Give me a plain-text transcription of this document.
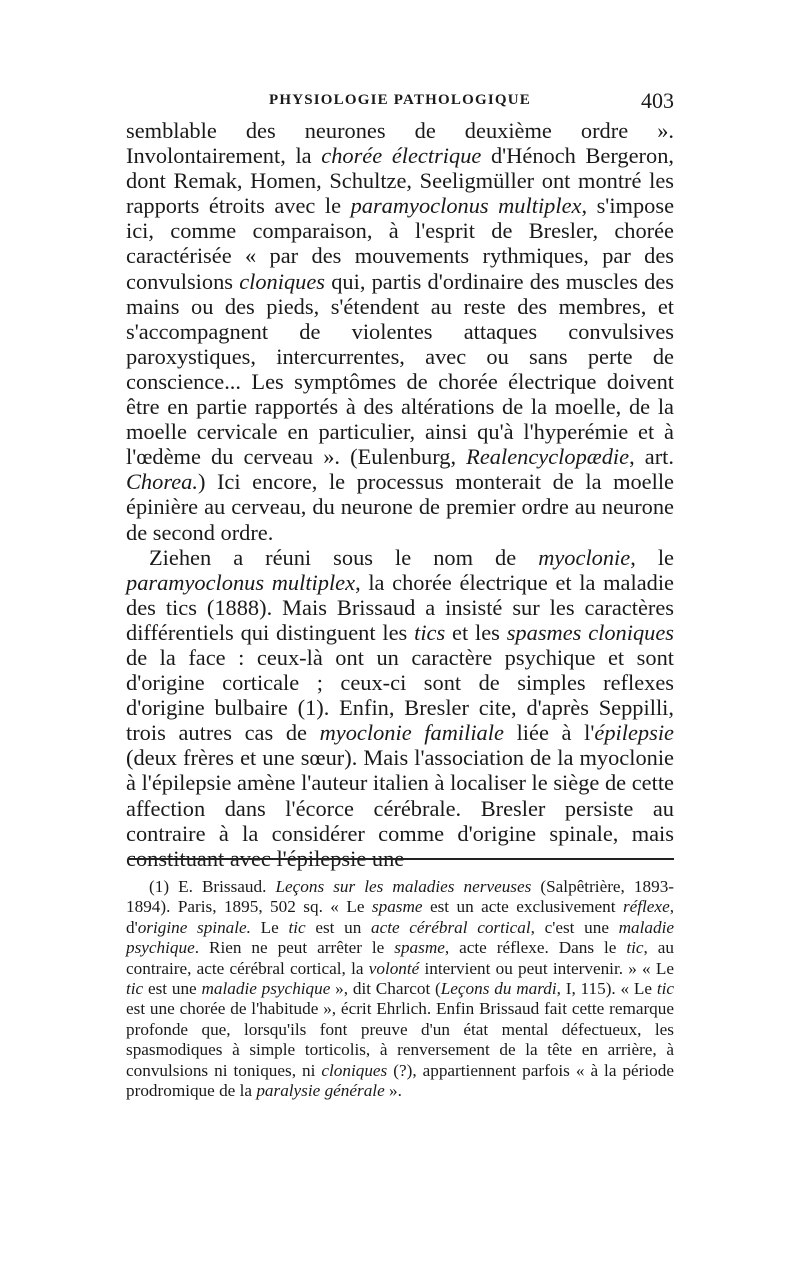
PHYSIOLOGIE PATHOLOGIQUE	403

semblable des neurones de deuxième ordre ». Involontairement, la chorée électrique d'Hénoch Bergeron, dont Remak, Homen, Schultze, Seeligmüller ont montré les rapports étroits avec le paramyoclonus multiplex, s'impose ici, comme comparaison, à l'esprit de Bresler, chorée caractérisée « par des mouvements rythmiques, par des convulsions cloniques qui, partis d'ordinaire des muscles des mains ou des pieds, s'étendent au reste des membres, et s'accompagnent de violentes attaques convulsives paroxystiques, intercurrentes, avec ou sans perte de conscience... Les symptômes de chorée électrique doivent être en partie rapportés à des altérations de la moelle, de la moelle cervicale en particulier, ainsi qu'à l'hyperémie et à l'œdème du cerveau ». (Eulenburg, Realencyclopædie, art. Chorea.) Ici encore, le processus monterait de la moelle épinière au cerveau, du neurone de premier ordre au neurone de second ordre.

Ziehen a réuni sous le nom de myoclonie, le paramyoclonus multiplex, la chorée électrique et la maladie des tics (1888). Mais Brissaud a insisté sur les caractères différentiels qui distinguent les tics et les spasmes cloniques de la face : ceux-là ont un caractère psychique et sont d'origine corticale ; ceux-ci sont de simples reflexes d'origine bulbaire (1). Enfin, Bresler cite, d'après Seppilli, trois autres cas de myoclonie familiale liée à l'épilepsie (deux frères et une sœur). Mais l'association de la myoclonie à l'épilepsie amène l'auteur italien à localiser le siège de cette affection dans l'écorce cérébrale. Bresler persiste au contraire à la considérer comme d'origine spinale, mais constituant avec l'épilepsie une

(1) E. Brissaud. Leçons sur les maladies nerveuses (Salpêtrière, 1893-1894). Paris, 1895, 502 sq. « Le spasme est un acte exclusivement réflexe, d'origine spinale. Le tic est un acte cérébral cortical, c'est une maladie psychique. Rien ne peut arrêter le spasme, acte réflexe. Dans le tic, au contraire, acte cérébral cortical, la volonté intervient ou peut intervenir. » « Le tic est une maladie psychique », dit Charcot (Leçons du mardi, I, 115). « Le tic est une chorée de l'habitude », écrit Ehrlich. Enfin Brissaud fait cette remarque profonde que, lorsqu'ils font preuve d'un état mental défectueux, les spasmodiques à simple torticolis, à renversement de la tête en arrière, à convulsions ni toniques, ni cloniques (?), appartiennent parfois « à la période prodromique de la paralysie générale ».
